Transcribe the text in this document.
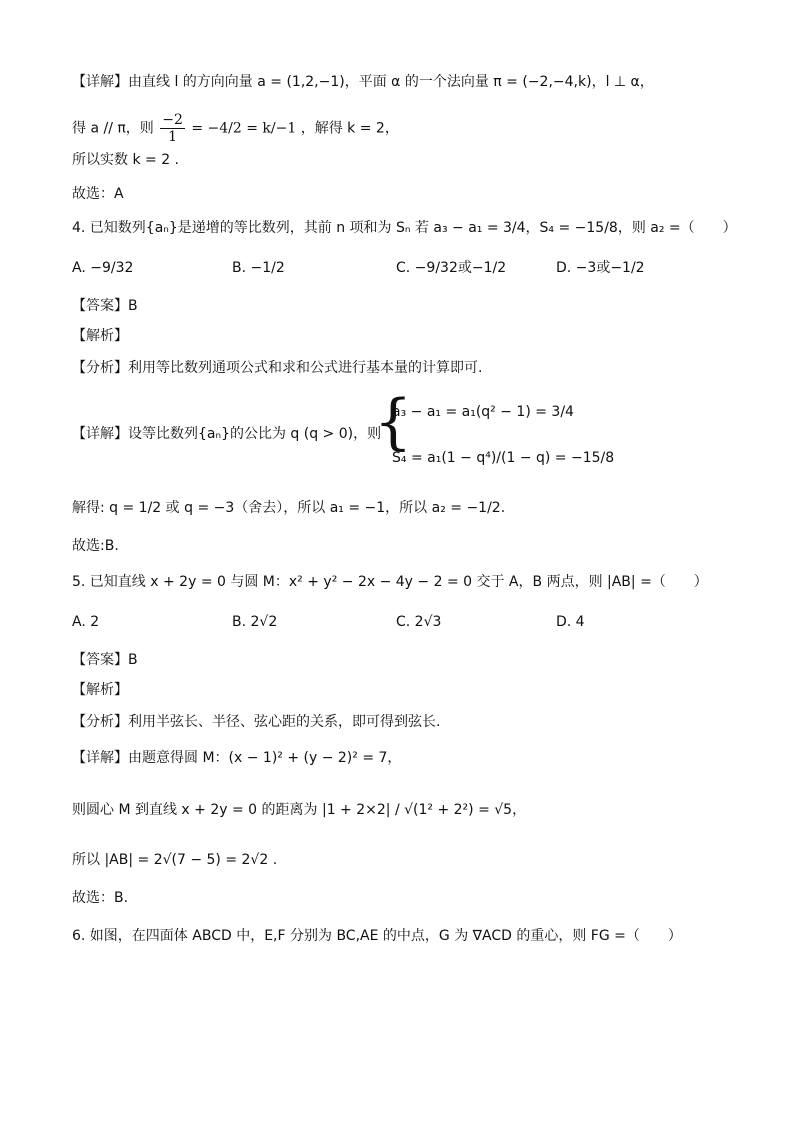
【详解】由直线 l 的方向向量 a = (1,2,−1)，平面 α 的一个法向量 π = (−2,−4,k)，l ⊥ α，
得 a // π，则 $\frac{-2}{1} = -4/2 = k/-1$ ，解得 k = 2，
所以实数 k = 2 .
故选：A
4. 已知数列{aₙ}是递增的等比数列，其前 n 项和为 Sₙ 若 a₃ − a₁ = 3/4，S₄ = −15/8，则 a₂ =（　　）
A. −9/32	B. −1/2	C. −9/32或−1/2	D. −3或−1/2
【答案】B
【解析】
【分析】利用等比数列通项公式和求和公式进行基本量的计算即可.
【详解】设等比数列{aₙ}的公比为 q (q > 0)，则
{
a₃ − a₁ = a₁(q² − 1) = 3/4
S₄ = a₁(1 − q⁴)/(1 − q) = −15/8
解得: q = 1/2 或 q = −3（舍去），所以 a₁ = −1，所以 a₂ = −1/2.
故选:B.
5. 已知直线 x + 2y = 0 与圆 M：x² + y² − 2x − 4y − 2 = 0 交于 A，B 两点，则 |AB| =（　　）
A. 2	B. 2√2	C. 2√3	D. 4
【答案】B
【解析】
【分析】利用半弦长、半径、弦心距的关系，即可得到弦长.
【详解】由题意得圆 M：(x − 1)² + (y − 2)² = 7，
则圆心 M 到直线 x + 2y = 0 的距离为 |1 + 2×2| / √(1² + 2²) = √5，
所以 |AB| = 2√(7 − 5) = 2√2 .
故选：B.
6. 如图，在四面体 ABCD 中，E,F 分别为 BC,AE 的中点，G 为 ∇ACD 的重心，则 FG =（　　）
